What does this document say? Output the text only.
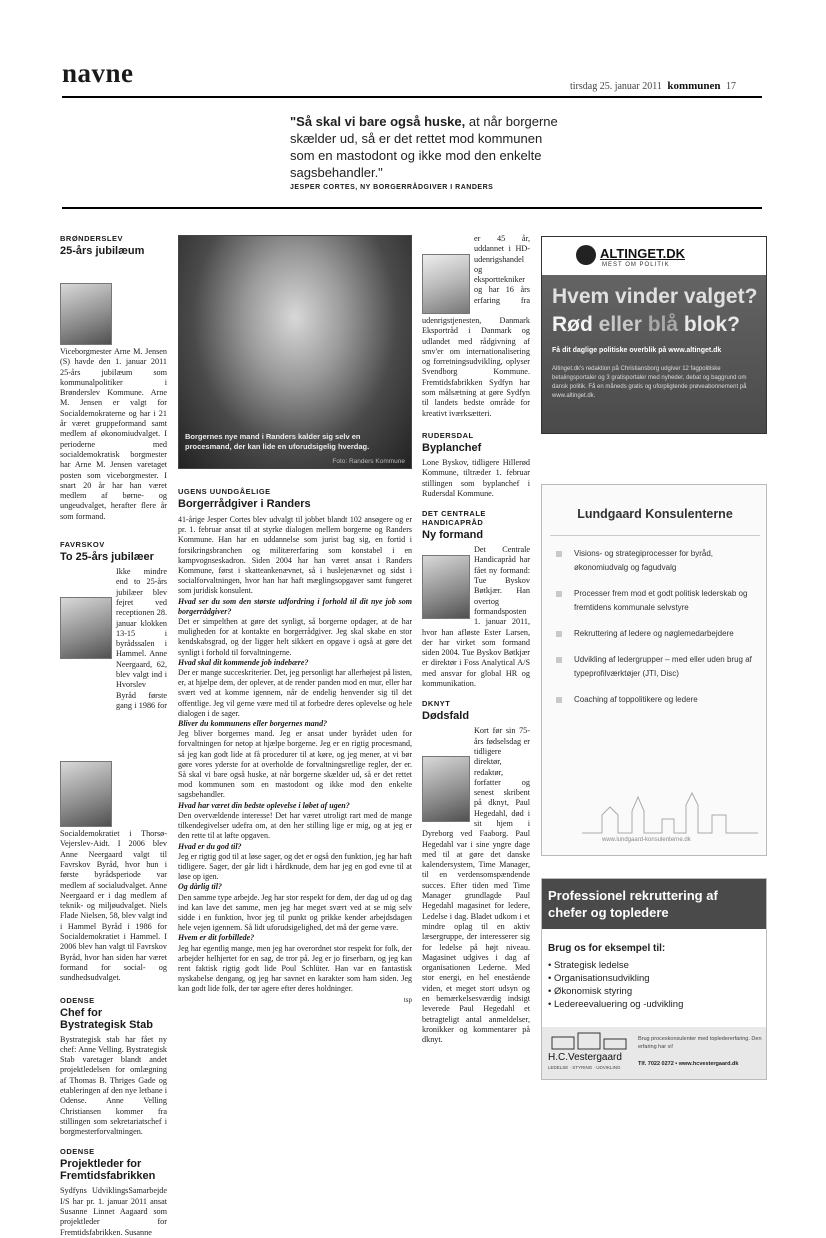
navne	tirsdag 25. januar 2011 kommunen 17
"Så skal vi bare også huske, at når borgerne skælder ud, så er det rettet mod kommunen som en mastodont og ikke mod den enkelte sagsbehandler."
JESPER CORTES, NY BORGERRÅDGIVER I RANDERS
BRØNDERSLEV
25-års jubilæum

Viceborgmester Arne M. Jensen (S) havde den 1. januar 2011 25-års jubilæum som kommunalpolitiker i Brønderslev Kommune. Arne M. Jensen er valgt for Socialdemokraterne og har i 21 år været gruppeformand samt medlem af økonomiudvalget. I perioderne med socialdemokratisk borgmester har Arne M. Jensen varetaget posten som viceborgmester. I snart 20 år har han været medlem af børne- og ungeudvalget, herafter flere år som formand.

FAVRSKOV
To 25-års jubilæer

Ikke mindre end to 25-års jubilæer blev fejret ved receptionen 28. januar klokken 13-15 i byrådssalen i Hammel. Anne Neergaard, 62, blev valgt ind i Hvorslev Byråd første gang i 1986 for Socialdemokratiet i Thorsø-Vejerslev-Aidt. I 2006 blev Anne Neergaard valgt til Favrskov Byråd, hvor hun i første byrådsperiode var medlem af socialudvalget. Anne Neergaard er i dag medlem af teknik- og miljøudvalget. Niels Flade Nielsen, 58, blev valgt ind i Hammel Byråd i 1986 for Socialdemokratiet i Hammel. I 2006 blev han valgt til Favrskov Byråd, hvor han siden har været formand for social- og sundhedsudvalget.

ODENSE
Chef for Bystrategisk Stab

Bystrategisk stab har fået ny chef: Anne Velling. Bystrategisk Stab varetager blandt andet projektledelsen for omlægning af Thomas B. Thriges Gade og etableringen af den nye letbane i Odense. Anne Velling Christiansen kommer fra stillingen som sekretariatschef i borgmesterforvaltningen.

ODENSE
Projektleder for Fremtidsfabrikken

Sydfyns UdviklingsSamarbejde I/S har pr. 1. januar 2011 ansat Susanne Linnet Aagaard som projektleder for Fremtidsfabrikken. Susanne

Borgernes nye mand i Randers kalder sig selv en procesmand, der kan lide en uforudsigelig hverdag.
Foto: Randers Kommune
UGENS UUNDGÅELIGE
Borgerrådgiver i Randers

41-årige Jesper Cortes blev udvalgt til jobbet blandt 102 ansøgere og er pr. 1. februar ansat til at styrke dialogen mellem borgerne og Randers Kommune. Han har en uddannelse som jurist bag sig, en fortid i forsikringsbranchen og militærerfaring som konstabel i en kampvognseskadron. Siden 2004 har han været ansat i Randers Kommune, først i skatteankenævnet, så i huslejenævnet og sidst i socialforvaltningen, hvor han har haft mæglingsopgaver samt fungeret som juridisk konsulent.

Hvad ser du som den største udfordring i forhold til dit nye job som borgerrådgiver?

Det er simpelthen at gøre det synligt, så borgerne opdager, at de har muligheden for at kontakte en borgerrådgiver. Jeg skal skabe en stor kendskabsgrad, og der ligger helt sikkert en opgave i også at gøre det synligt i forhold til forvaltningerne.

Hvad skal dit kommende job indebære?

Der er mange succeskriterier. Det, jeg personligt har allerhøjest på listen, er, at hjælpe dem, der oplever, at de render panden mod en mur, eller har svært ved at komme igennem, når de endelig henvender sig til det offentlige. Jeg vil gerne være med til at forbedre deres oplevelse og hele dialogen i de sager.

Bliver du kommunens eller borgernes mand?

Jeg bliver borgernes mand. Jeg er ansat under byrådet uden for forvaltningen for netop at hjælpe borgerne. Jeg er en rigtig procesmand, så jeg kan godt lide at få procedurer til at køre, og jeg mener, at vi bør gøre vores yderste for at overholde de forvaltningsretlige regler, der er. Så skal vi bare også huske, at når borgerne skælder ud, så er det rettet mod kommunen som en mastodont og ikke mod den enkelte sagsbehandler.

Hvad har været din bedste oplevelse i løbet af ugen?

Den overvældende interesse! Det har været utroligt rart med de mange tilkendegivelser udefra om, at den her stilling lige er mig, og at jeg er den rette til at løfte opgaven.

Hvad er du god til?

Jeg er rigtig god til at løse sager, og det er også den funktion, jeg har haft tidligere. Sager, der går lidt i hårdknude, dem har jeg en god evne til at løse op igen.

Og dårlig til?

Den samme type arbejde. Jeg har stor respekt for dem, der dag ud og dag ind kan lave det samme, men jeg har meget svært ved at se mig selv sidde i en funktion, hvor jeg til punkt og prikke kender arbejdsdagen hele vejen igennem. Så lidt uforudsigelighed, det må der gerne være.

Hvem er dit forbillede?

Jeg har egentlig mange, men jeg har overordnet stor respekt for folk, der arbejder helhjertet for en sag, de tror på. Jeg er jo firserbarn, og jeg kan rent faktisk rigtig godt lide Poul Schlüter. Han var en fantastisk nyskabelse dengang, og jeg har savnet en karakter som ham siden. Jeg kan godt lide folk, der tør agere efter deres holdninger.

tsp

er 45 år, uddannet i HD-udenrigshandel og eksporttekniker og har 16 års erfaring fra udenrigstjenesten, Danmark Eksportråd i Danmark og udlandet med rådgivning af smv'er om internationalisering og forretningsudvikling, oplyser Svendborg Kommune. Fremtidsfabrikken Sydfyn har som målsætning at gøre Sydfyn til landets bedste område for kreativt iværksætteri.

RUDERSDAL
Byplanchef

Lone Byskov, tidligere Hillerød Kommune, tiltræder 1. februar stillingen som byplanchef i Rudersdal Kommune.

DET CENTRALE HANDICAPRÅD
Ny formand

Det Centrale Handicapråd har fået ny formand: Tue Byskov Bøtkjær. Han overtog formandsposten 1. januar 2011, hvor han afløste Ester Larsen, der har virket som formand siden 2004. Tue Byskov Bøtkjær er direktør i Foss Analytical A/S med ansvar for global HR og kommunikation.

DKNYT
Dødsfald

Kort før sin 75-års fødselsdag er tidligere direktør, redaktør, forfatter og senest skribent på dknyt, Paul Hegedahl, død i sit hjem i Dyreborg ved Faaborg. Paul Hegedahl var i sine yngre dage med til at gøre det danske kalendersystem, Time Manager, til en verdensomspændende succes. Efter tiden med Time Manager grundlagde Paul Hegedahl magasinet for ledere, Ledelse i dag. Bladet udkom i et mindre oplag til en aktiv læsergruppe, der interesserer sig for ledelse på højt niveau. Magasinet udgives i dag af organisationen Lederne. Med stor energi, en hel enestående viden, et meget stort udsyn og en bemærkelsesværdig indsigt leverede Paul Hegedahl et betragteligt antal anmeldelser, kronikker og kommentarer på dknyt.

ALTINGET.DK
MEST OM POLITIK
Hvem vinder valget?
Rød eller blå blok?
Få dit daglige politiske overblik på www.altinget.dk
Altinget.dk's redaktion på Christiansborg udgiver 12 fagpolitiske betalingsportaler og 3 gratisportaler med nyheder, debat og baggrund om dansk politik. Få en måneds gratis og uforpligtende prøveabonnement på www.altinget.dk.
Lundgaard Konsulenterne
Visions- og strategiprocesser for byråd, økonomiudvalg og fagudvalg
Processer frem mod et godt politisk lederskab og fremtidens kommunale selvstyre
Rekruttering af ledere og nøglemedarbejdere
Udvikling af ledergrupper – med eller uden brug af typeprofilværktøjer (JTI, Disc)
Coaching af toppolitikere og ledere
www.lundgaard-konsulenterne.dk
Professionel rekruttering af chefer og topledere
Brug os for eksempel til:
• Strategisk ledelse
• Organisationsudvikling
• Økonomisk styring
• Ledereevaluering og -udvikling
H.C.Vestergaard
LEDELSE · STYRING · UDVIKLING
Brug proceskonsulenter med topledererfaring. Den erfaring har vi!
Tlf. 7022 0272 • www.hcvestergaard.dk
